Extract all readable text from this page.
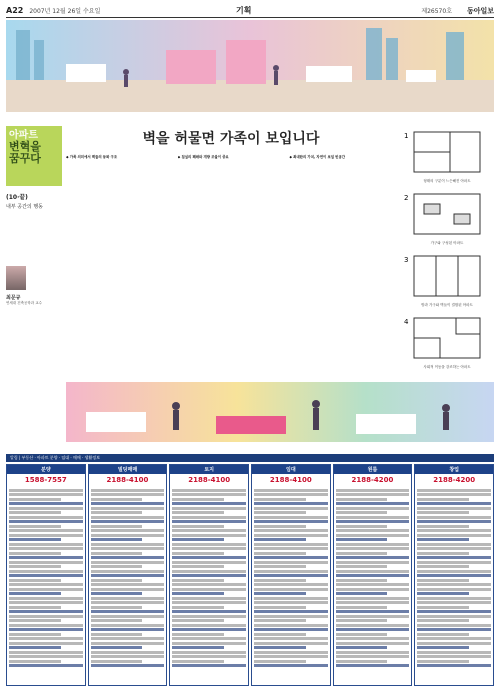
A22 2007년 12월 26일 수요일	기획	제26570호 동아일보
아파트
변혁을
꿈꾸다
(10·끝)
내부 공간의 행동
최문규
연세대 건축공학과 교수
벽을 허물면 가족이 보입니다
◆ 가족 의미에서 벽들의 동화 구조	◆ 침실의 폐쇄와 개방 조율이 중요	◆ 최대한의 가치, 자연이 보일 빈공간
1
형태의 구분이 느슨해진 아파트
2
가구와 구성된 아파트
3
방과 가구와 벽들이 결합된 아파트
4
사회적 이동을 강조하는 아파트
알림 | 부동산 · 아파트 분양 · 임대 · 매매 · 생활정보
분양
1588-7557
빌딩매매
2188-4100
토지
2188-4100
임대
2188-4100
원룸
2188-4200
창업
2188-4200
